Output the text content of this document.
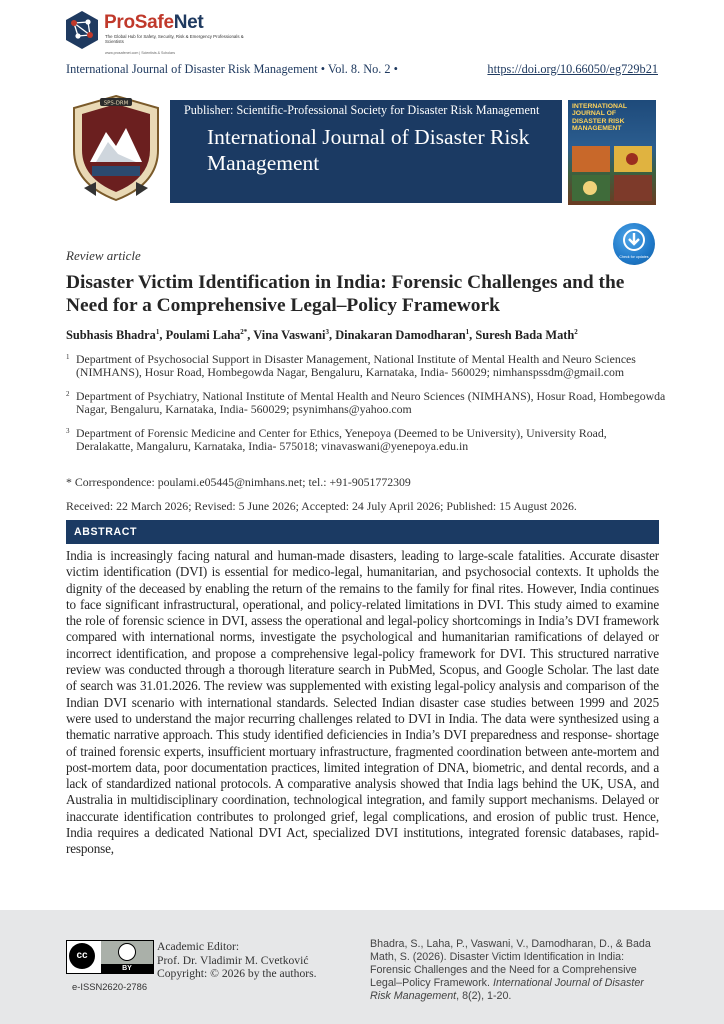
ProSafeNet
The Global Hub for Safety, Security, Risk & Emergency Professionals & Scientists
www.prosafenet.com | Scientists & Scholars
International Journal of Disaster Risk Management • Vol. 8. No. 2 •	https://doi.org/10.66050/eg729b21
SPS-DRM	Publisher: Scientific-Professional Society for Disaster Risk Management
International Journal of Disaster Risk Management
INTERNATIONAL JOURNAL OF DISASTER RISK MANAGEMENT
Review article	Check for updates
Disaster Victim Identification in India: Forensic Challenges and the Need for a Comprehensive Legal–Policy Framework
Subhasis Bhadra$^1$, Poulami Laha$^{2*}$, Vina Vaswani$^3$, Dinakaran Damodharan$^1$, Suresh Bada Math$^2$
1 Department of Psychosocial Support in Disaster Management, National Institute of Mental Health and Neuro Sciences (NIMHANS), Hosur Road, Hombegowda Nagar, Bengaluru, Karnataka, India- 560029; nimhanspssdm@gmail.com
2 Department of Psychiatry, National Institute of Mental Health and Neuro Sciences (NIMHANS), Hosur Road, Hombegowda Nagar, Bengaluru, Karnataka, India- 560029; psynimhans@yahoo.com
3 Department of Forensic Medicine and Center for Ethics, Yenepoya (Deemed to be University), University Road, Deralakatte, Mangaluru, Karnataka, India- 575018; vinavaswani@yenepoya.edu.in
* Correspondence: poulami.e05445@nimhans.net; tel.: +91-9051772309
Received: 22 March 2026; Revised: 5 June 2026; Accepted: 24 July April 2026; Published: 15 August 2026.
ABSTRACT
India is increasingly facing natural and human-made disasters, leading to large-scale fatalities. Accurate disaster victim identification (DVI) is essential for medico-legal, humanitarian, and psychosocial contexts. It upholds the dignity of the deceased by enabling the return of the remains to the family for final rites. However, India continues to face significant infrastructural, operational, and policy-related limitations in DVI. This study aimed to examine the role of forensic science in DVI, assess the operational and legal-policy shortcomings in India’s DVI framework compared with international norms, investigate the psychological and humanitarian ramifications of delayed or incorrect identification, and propose a comprehensive legal-policy framework for DVI. This structured narrative review was conducted through a thorough literature search in PubMed, Scopus, and Google Scholar. The last date of search was 31.01.2026. The review was supplemented with existing legal-policy analysis and comparison of the Indian DVI scenario with international standards. Selected Indian disaster case studies between 1999 and 2025 were used to understand the major recurring challenges related to DVI in India. The data were synthesized using a thematic narrative approach. This study identified deficiencies in India’s DVI preparedness and response- shortage of trained forensic experts, insufficient mortuary infrastructure, fragmented coordination between ante-mortem and post-mortem data, poor documentation practices, limited integration of DNA, biometric, and dental records, and a lack of standardized national protocols. A comparative analysis showed that India lags behind the UK, USA, and Australia in multidisciplinary coordination, technological integration, and family support mechanisms. Delayed or inaccurate identification contributes to prolonged grief, legal complications, and erosion of public trust. Hence, India requires a dedicated National DVI Act, specialized DVI institutions, integrated forensic databases, rapid-response,
cc
BY
e-ISSN2620-2786
Academic Editor:
Prof. Dr. Vladimir M. Cvetković
Copyright: © 2026 by the authors.
Bhadra, S., Laha, P., Vaswani, V., Damodharan, D., & Bada Math, S. (2026). Disaster Victim Identification in India: Forensic Challenges and the Need for a Comprehensive Legal–Policy Framework. International Journal of Disaster Risk Management, 8(2), 1-20.
